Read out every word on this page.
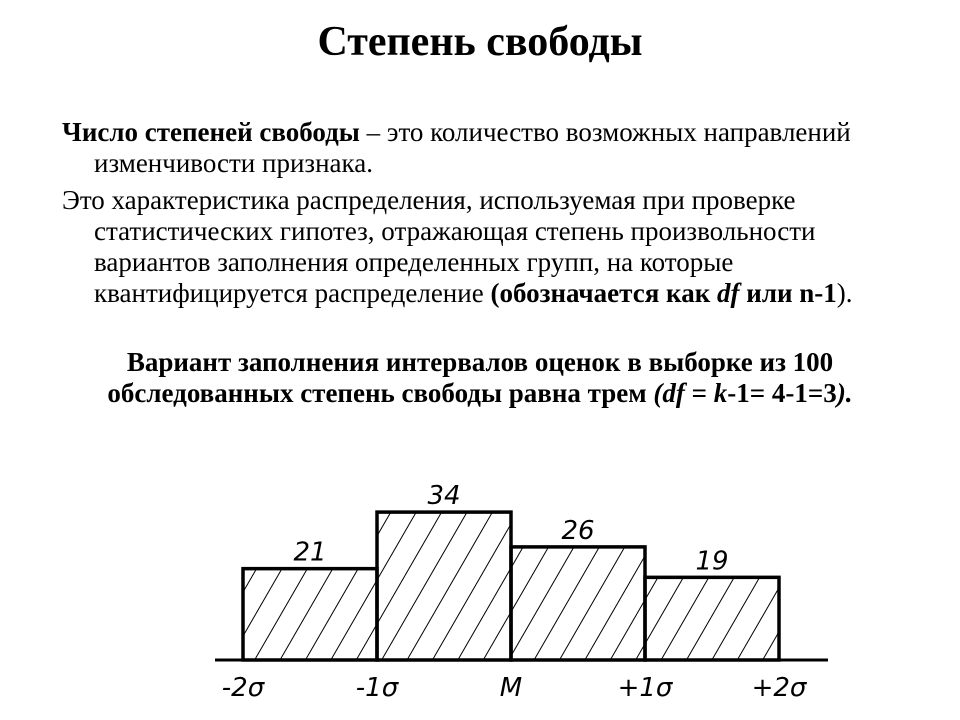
Степень свободы

Число степеней свободы – это количество возможных направлений изменчивости признака.

Это характеристика распределения, используемая при проверке статистических гипотез, отражающая степень произвольности вариантов заполнения определенных групп, на которые квантифицируется распределение (обозначается как df или n-1).

Вариант заполнения интервалов оценок в выборке из 100 обследованных степень свободы равна трем (df = k-1= 4-1=3).

-2σ	-1σ	M	+1σ	+2σ
21
34
26
19
